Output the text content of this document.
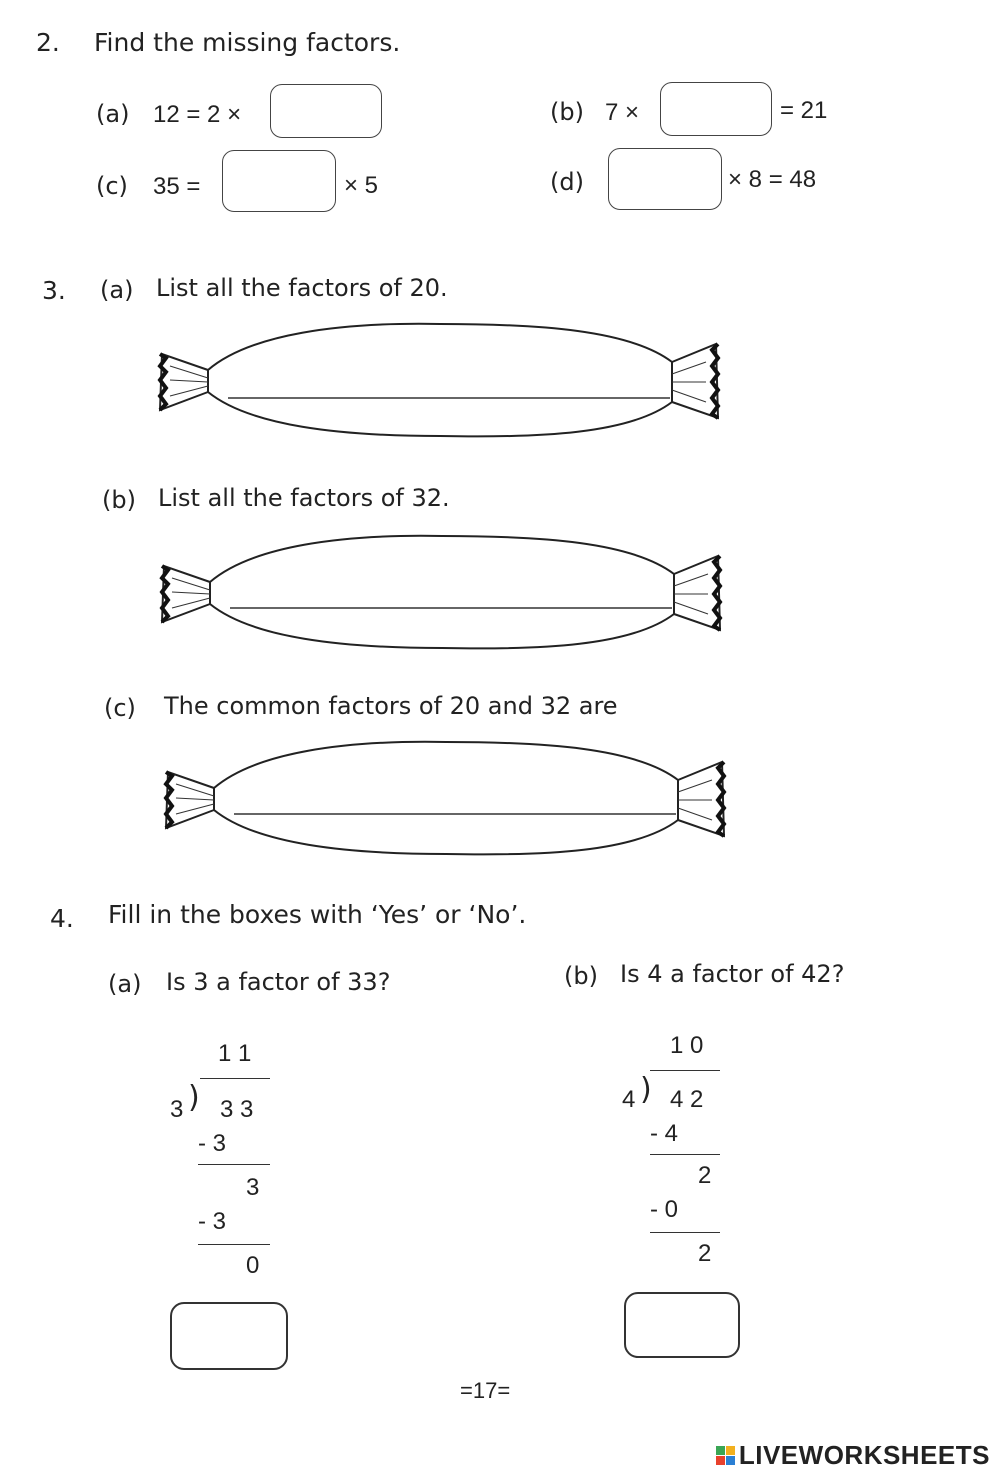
2. Find the missing factors.
(a) 12 = 2 ×	(b) 7 ×	= 21
(c) 35 =	× 5	(d)	× 8 = 48
3. (a) List all the factors of 20.
(b) List all the factors of 32.
(c) The common factors of 20 and 32 are
4. Fill in the boxes with ‘Yes’ or ‘No’.
(a) Is 3 a factor of 33?
1 1
)
3 3 3
- 3
3
- 3
0
(b) Is 4 a factor of 42?
1 0
)
4 4 2
- 4
2
- 0
2
=17=
LIVEWORKSHEETS
